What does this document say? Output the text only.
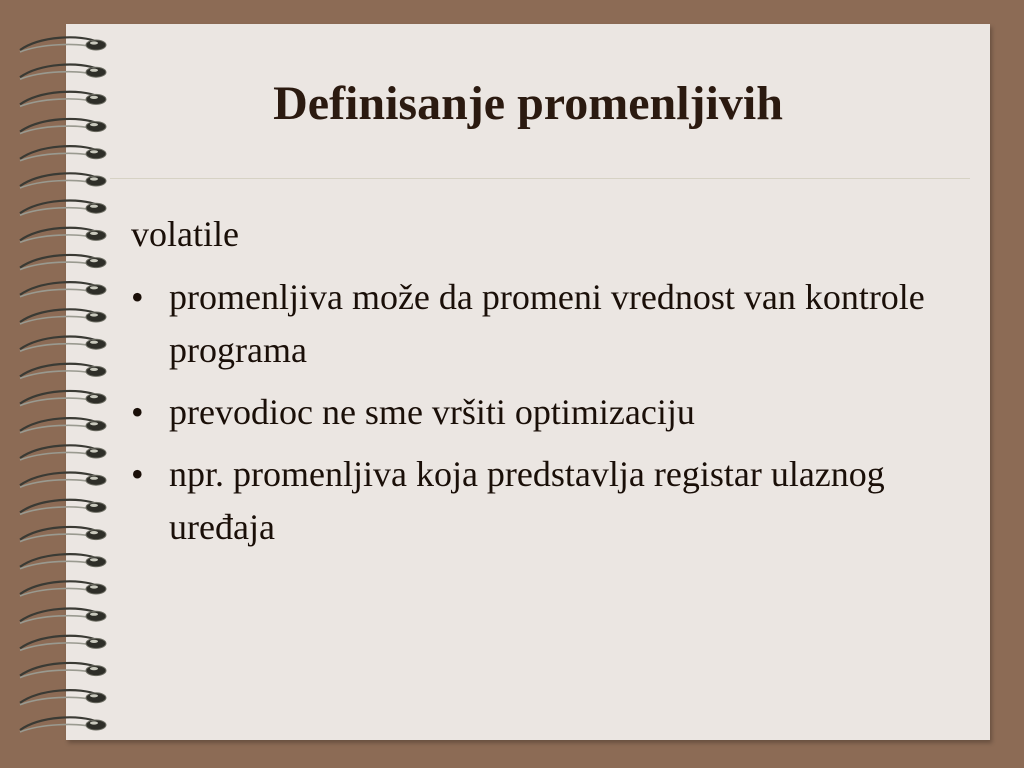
Definisanje promenljivih

volatile

• promenljiva može da promeni vrednost van kontrole programa
• prevodioc ne sme vršiti optimizaciju
• npr. promenljiva koja predstavlja registar ulaznog uređaja
